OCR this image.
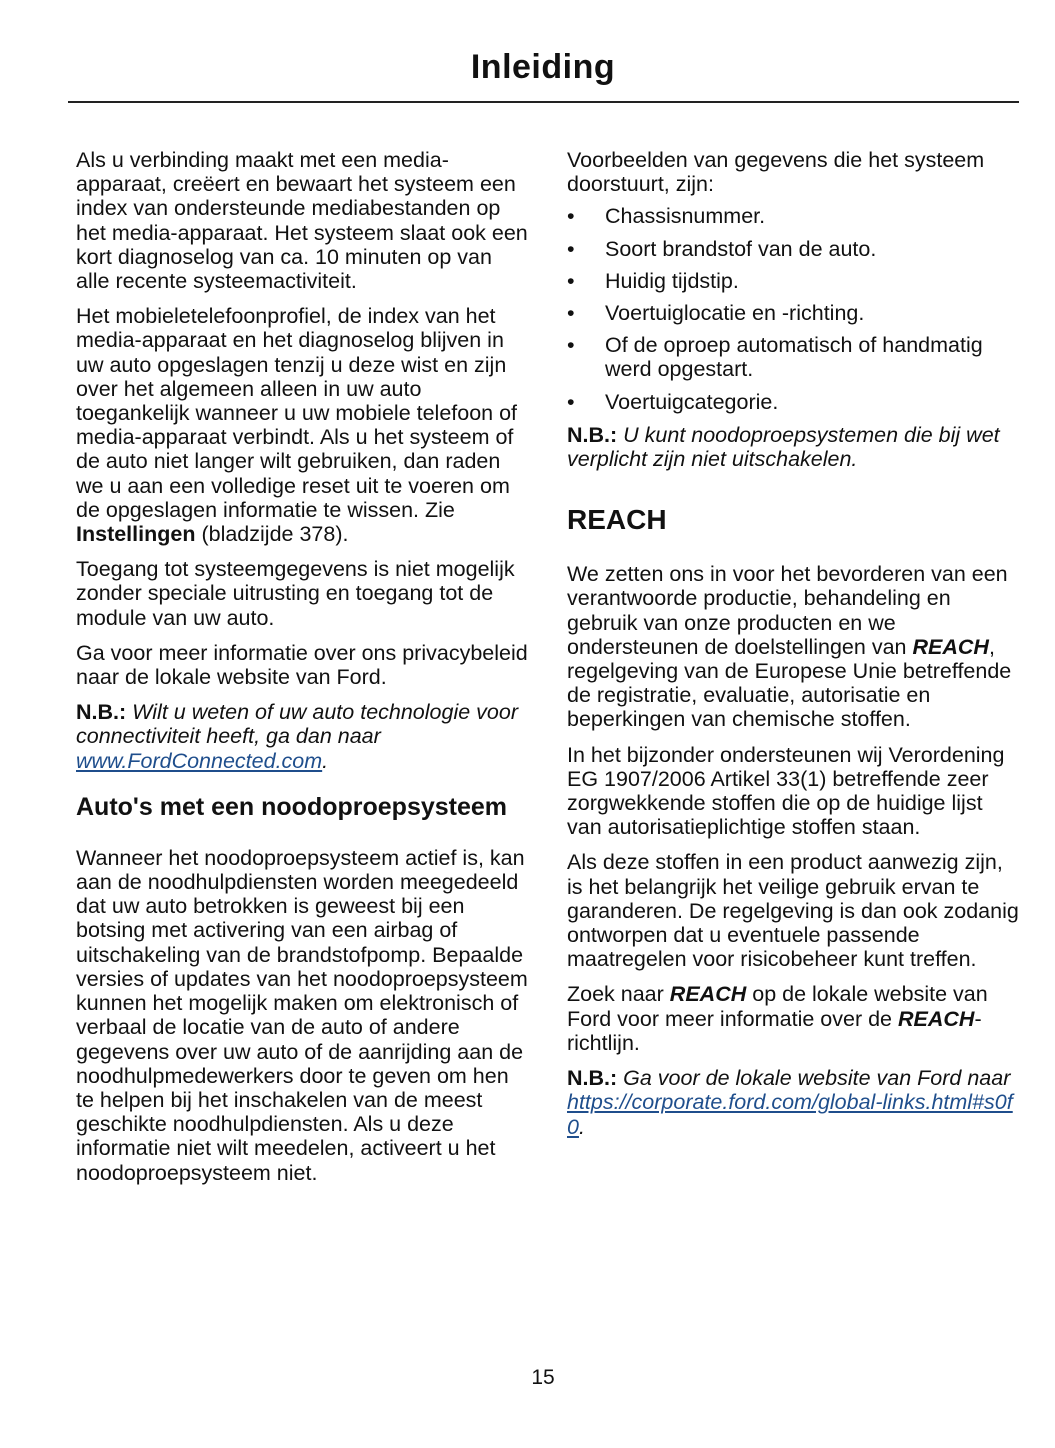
Inleiding

Als u verbinding maakt met een media-apparaat, creëert en bewaart het systeem een index van ondersteunde mediabestanden op het media-apparaat. Het systeem slaat ook een kort diagnoselog van ca. 10 minuten op van alle recente systeemactiviteit.

Het mobieletelefoonprofiel, de index van het media-apparaat en het diagnoselog blijven in uw auto opgeslagen tenzij u deze wist en zijn over het algemeen alleen in uw auto toegankelijk wanneer u uw mobiele telefoon of media-apparaat verbindt. Als u het systeem of de auto niet langer wilt gebruiken, dan raden we u aan een volledige reset uit te voeren om de opgeslagen informatie te wissen. Zie Instellingen (bladzijde 378).

Toegang tot systeemgegevens is niet mogelijk zonder speciale uitrusting en toegang tot de module van uw auto.

Ga voor meer informatie over ons privacybeleid naar de lokale website van Ford.

N.B.: Wilt u weten of uw auto technologie voor connectiviteit heeft, ga dan naar www.FordConnected.com.

Auto's met een noodoproepsysteem

Wanneer het noodoproepsysteem actief is, kan aan de noodhulpdiensten worden meegedeeld dat uw auto betrokken is geweest bij een botsing met activering van een airbag of uitschakeling van de brandstofpomp. Bepaalde versies of updates van het noodoproepsysteem kunnen het mogelijk maken om elektronisch of verbaal de locatie van de auto of andere gegevens over uw auto of de aanrijding aan de noodhulpmedewerkers door te geven om hen te helpen bij het inschakelen van de meest geschikte noodhulpdiensten. Als u deze informatie niet wilt meedelen, activeert u het noodoproepsysteem niet.

Voorbeelden van gegevens die het systeem doorstuurt, zijn:

• Chassisnummer.
• Soort brandstof van de auto.
• Huidig tijdstip.
• Voertuiglocatie en -richting.
• Of de oproep automatisch of handmatig werd opgestart.
• Voertuigcategorie.

N.B.: U kunt noodoproepsystemen die bij wet verplicht zijn niet uitschakelen.

REACH

We zetten ons in voor het bevorderen van een verantwoorde productie, behandeling en gebruik van onze producten en we ondersteunen de doelstellingen van REACH, regelgeving van de Europese Unie betreffende de registratie, evaluatie, autorisatie en beperkingen van chemische stoffen.

In het bijzonder ondersteunen wij Verordening EG 1907/2006 Artikel 33(1) betreffende zeer zorgwekkende stoffen die op de huidige lijst van autorisatieplichtige stoffen staan.

Als deze stoffen in een product aanwezig zijn, is het belangrijk het veilige gebruik ervan te garanderen. De regelgeving is dan ook zodanig ontworpen dat u eventuele passende maatregelen voor risicobeheer kunt treffen.

Zoek naar REACH op de lokale website van Ford voor meer informatie over de REACH-richtlijn.

N.B.: Ga voor de lokale website van Ford naar https://corporate.ford.com/global-links.html#s0f0.

15
